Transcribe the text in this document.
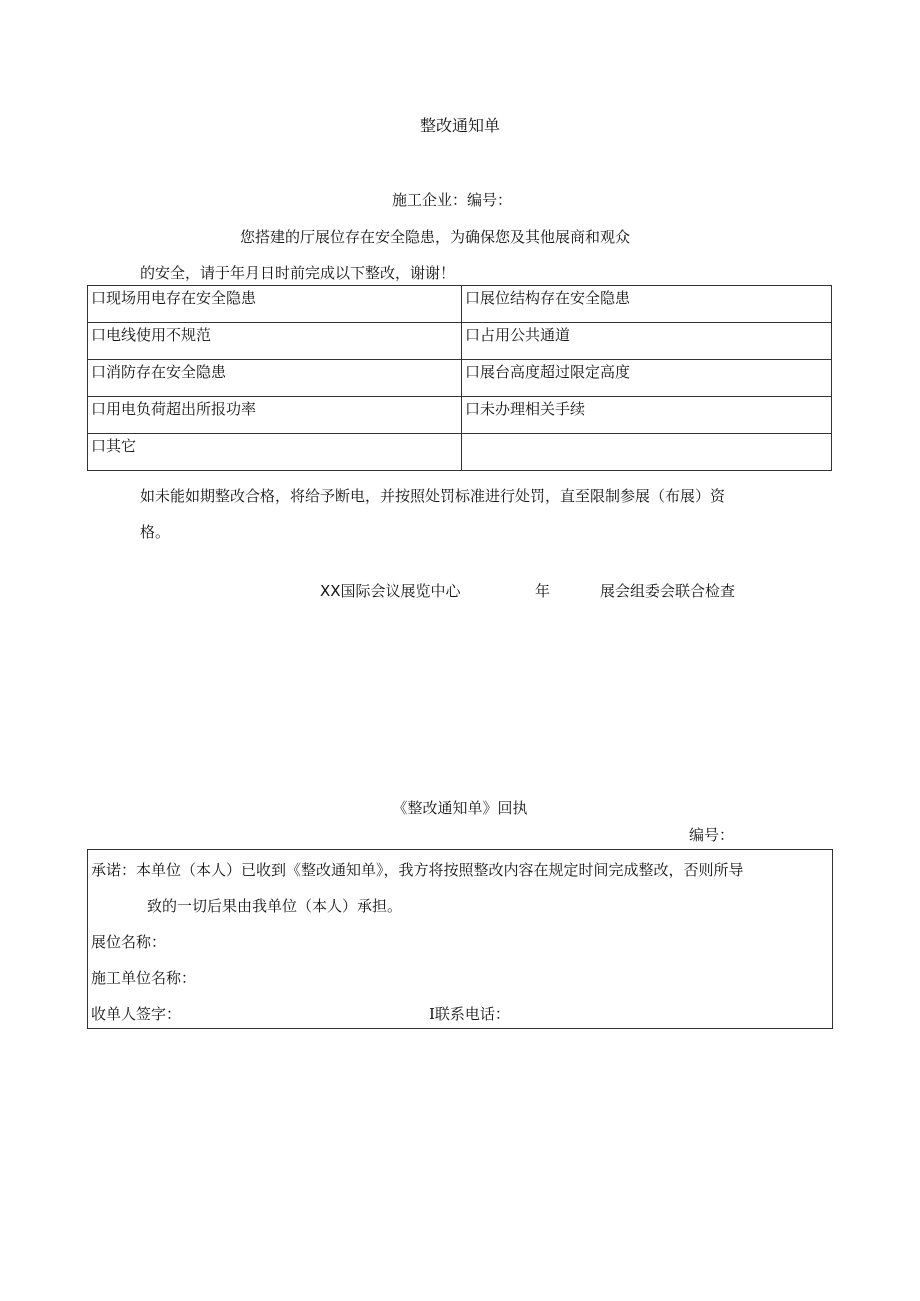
整改通知单
施工企业：编号：
您搭建的厅展位存在安全隐患，为确保您及其他展商和观众
的安全，请于年月日时前完成以下整改，谢谢！
口现场用电存在安全隐患	口展位结构存在安全隐患
口电线使用不规范	口占用公共通道
口消防存在安全隐患	口展台高度超过限定高度
口用电负荷超出所报功率	口未办理相关手续
口其它	
如未能如期整改合格，将给予断电，并按照处罚标准进行处罚，直至限制参展（布展）资
格。
XX国际会议展览中心	年	展会组委会联合检查
《整改通知单》回执
编号：
承诺：本单位（本人）已收到《整改通知单》，我方将按照整改内容在规定时间完成整改，否则所导
致的一切后果由我单位（本人）承担。
展位名称：
施工单位名称：
收单人签字：	I联系电话：
